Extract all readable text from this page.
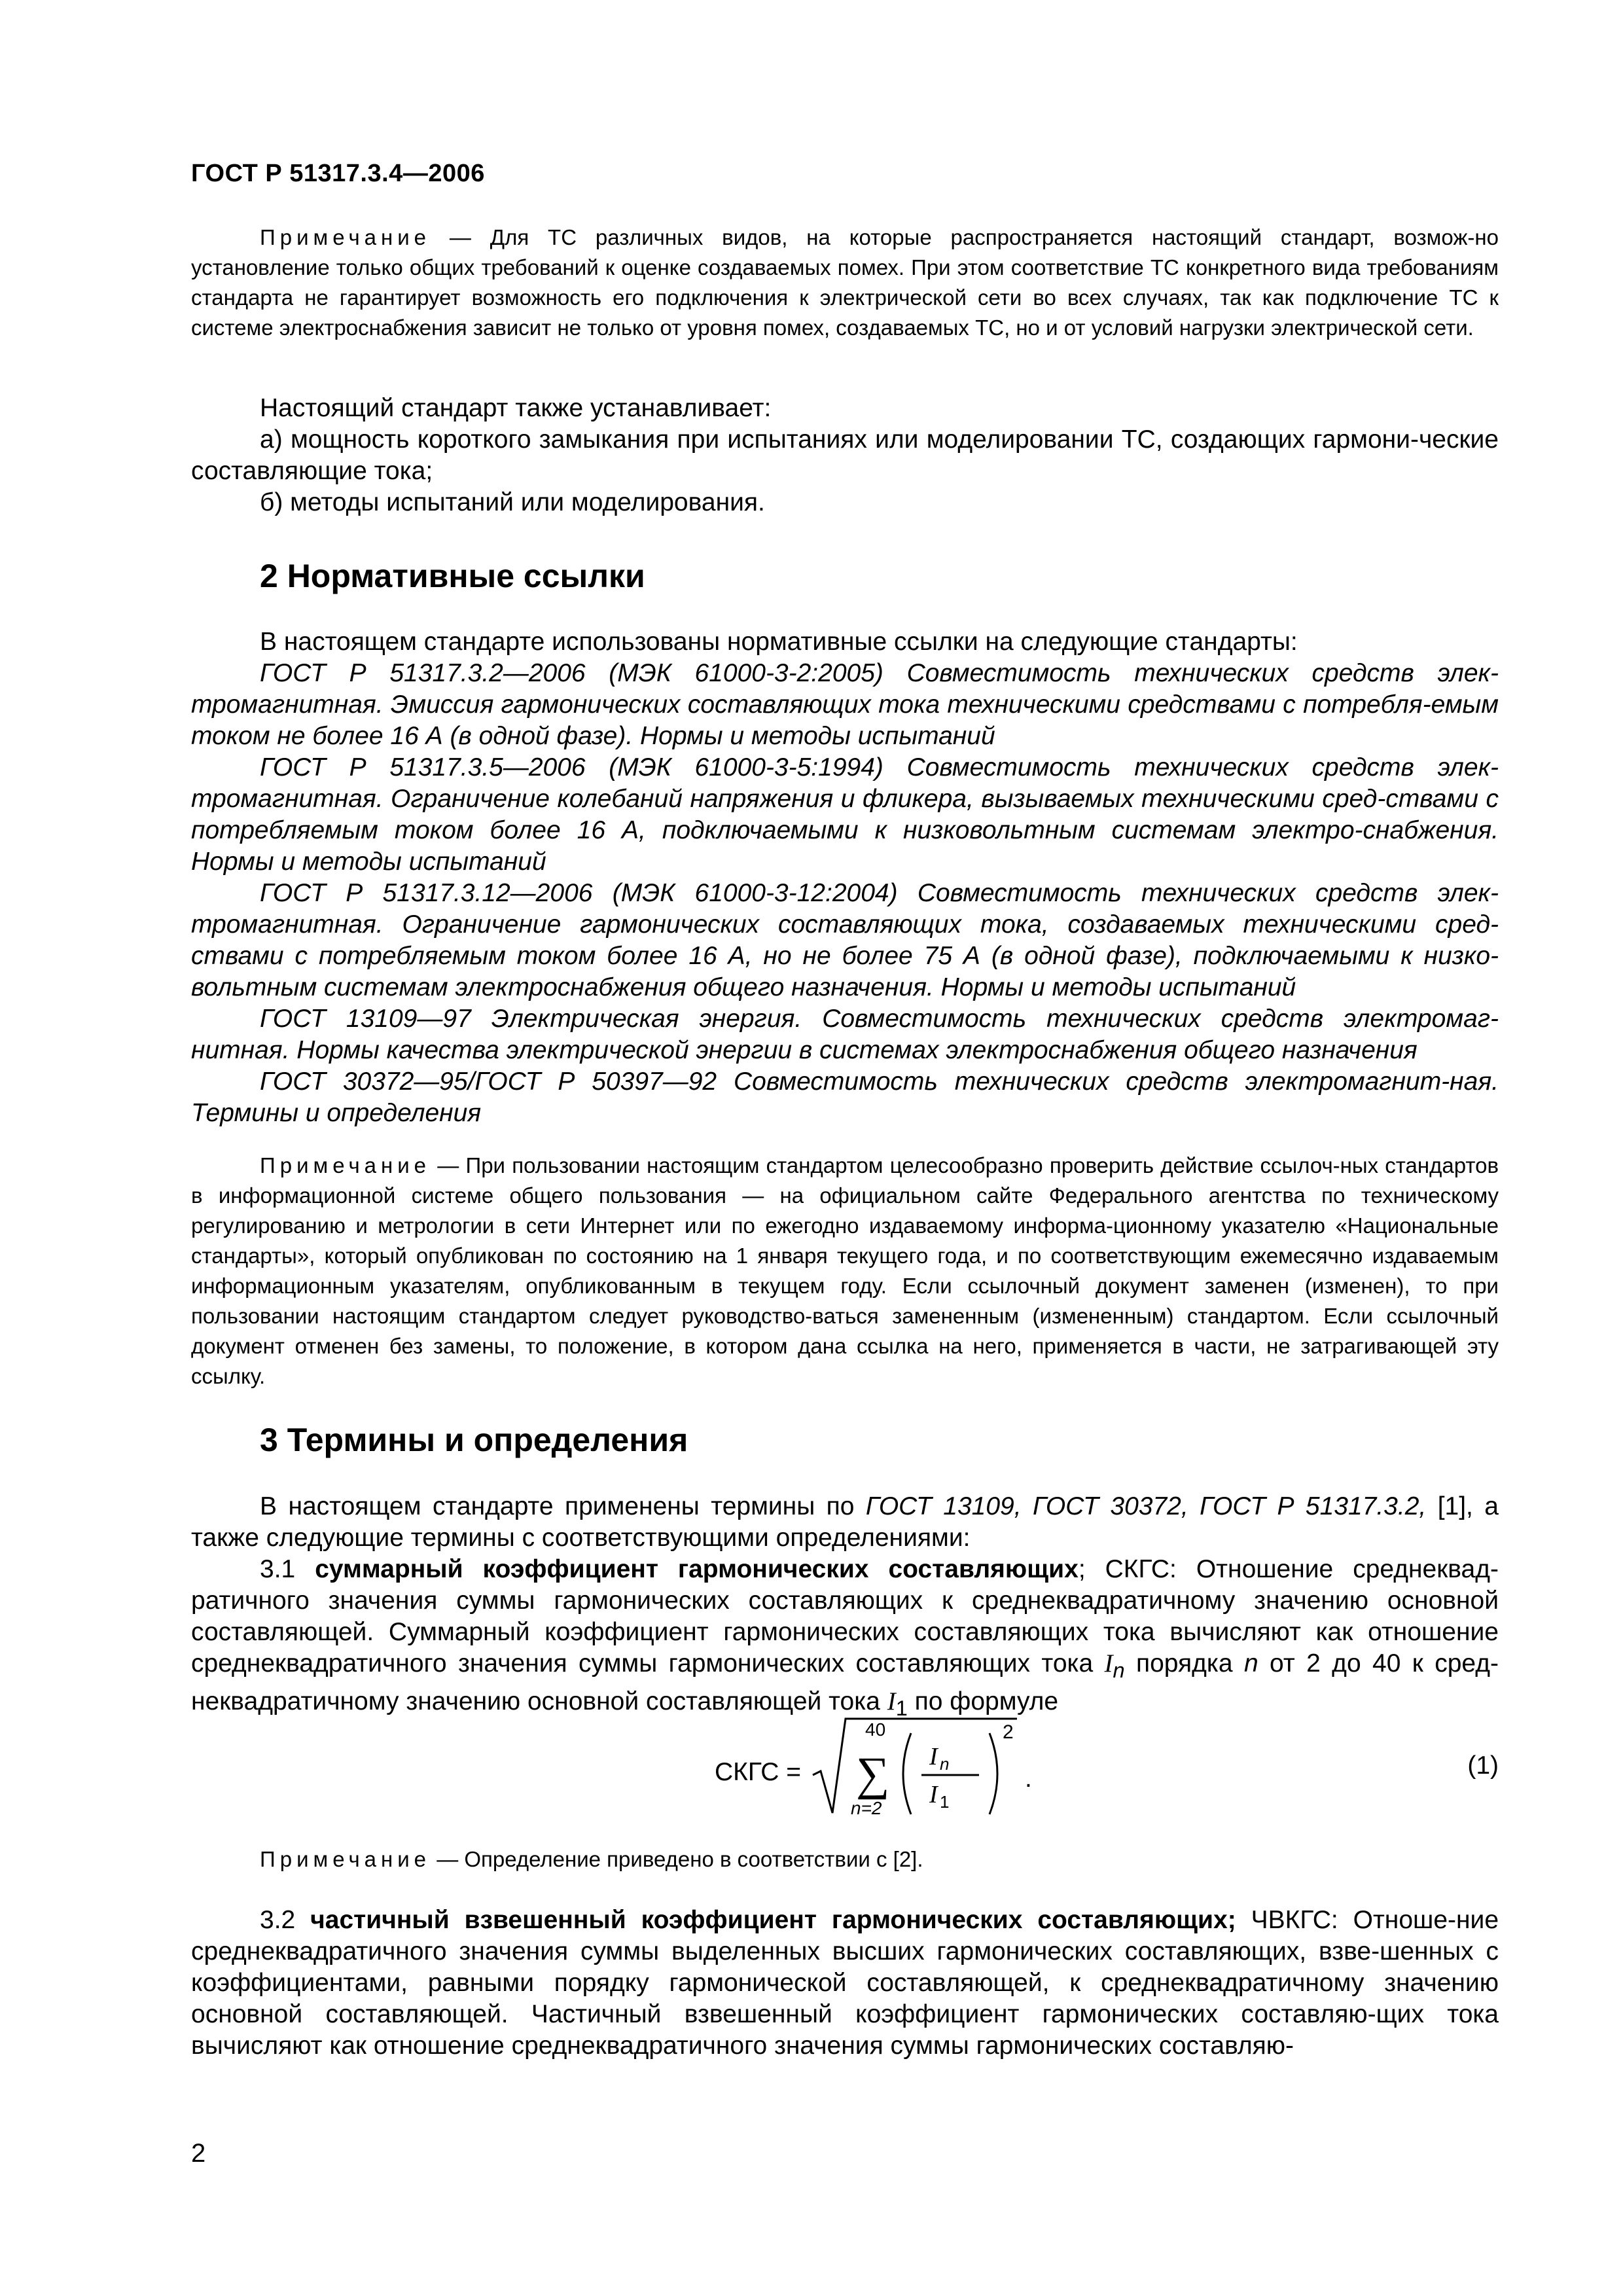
ГОСТ Р 51317.3.4—2006

Примечание — Для ТС различных видов, на которые распространяется настоящий стандарт, возмож-но установление только общих требований к оценке создаваемых помех. При этом соответствие ТС конкретного вида требованиям стандарта не гарантирует возможность его подключения к электрической сети во всех случаях, так как подключение ТС к системе электроснабжения зависит не только от уровня помех, создаваемых ТС, но и от условий нагрузки электрической сети.

Настоящий стандарт также устанавливает:

а) мощность короткого замыкания при испытаниях или моделировании ТС, создающих гармони-ческие составляющие тока;

б) методы испытаний или моделирования.

2 Нормативные ссылки

В настоящем стандарте использованы нормативные ссылки на следующие стандарты:

ГОСТ Р 51317.3.2—2006 (МЭК 61000-3-2:2005) Совместимость технических средств элек-тромагнитная. Эмиссия гармонических составляющих тока техническими средствами с потребля-емым током не более 16 А (в одной фазе). Нормы и методы испытаний

ГОСТ Р 51317.3.5—2006 (МЭК 61000-3-5:1994) Совместимость технических средств элек-тромагнитная. Ограничение колебаний напряжения и фликера, вызываемых техническими сред-ствами с потребляемым током более 16 А, подключаемыми к низковольтным системам электро-снабжения. Нормы и методы испытаний

ГОСТ Р 51317.3.12—2006 (МЭК 61000-3-12:2004) Совместимость технических средств элек-тромагнитная. Ограничение гармонических составляющих тока, создаваемых техническими сред-ствами с потребляемым током более 16 А, но не более 75 А (в одной фазе), подключаемыми к низко-вольтным системам электроснабжения общего назначения. Нормы и методы испытаний

ГОСТ 13109—97 Электрическая энергия. Совместимость технических средств электромаг-нитная. Нормы качества электрической энергии в системах электроснабжения общего назначения

ГОСТ 30372—95/ГОСТ Р 50397—92 Совместимость технических средств электромагнит-ная. Термины и определения

Примечание — При пользовании настоящим стандартом целесообразно проверить действие ссылоч-ных стандартов в информационной системе общего пользования — на официальном сайте Федерального агентства по техническому регулированию и метрологии в сети Интернет или по ежегодно издаваемому информа-ционному указателю «Национальные стандарты», который опубликован по состоянию на 1 января текущего года, и по соответствующим ежемесячно издаваемым информационным указателям, опубликованным в текущем году. Если ссылочный документ заменен (изменен), то при пользовании настоящим стандартом следует руководство-ваться замененным (измененным) стандартом. Если ссылочный документ отменен без замены, то положение, в котором дана ссылка на него, применяется в части, не затрагивающей эту ссылку.

3 Термины и определения

В настоящем стандарте применены термины по ГОСТ 13109, ГОСТ 30372, ГОСТ Р 51317.3.2, [1], а также следующие термины с соответствующими определениями:

3.1 суммарный коэффициент гармонических составляющих; СКГС: Отношение среднеквад-ратичного значения суммы гармонических составляющих к среднеквадратичному значению основной составляющей. Суммарный коэффициент гармонических составляющих тока вычисляют как отношение среднеквадратичного значения суммы гармонических составляющих тока $I_n$ порядка n от 2 до 40 к сред-неквадратичному значению основной составляющей тока $I_1$ по формуле

СКГС =
40
∑
n=2
I n
I 1
2
.	(1)

Примечание — Определение приведено в соответствии с [2].

3.2 частичный взвешенный коэффициент гармонических составляющих; ЧВКГС: Отноше-ние среднеквадратичного значения суммы выделенных высших гармонических составляющих, взве-шенных с коэффициентами, равными порядку гармонической составляющей, к среднеквадратичному значению основной составляющей. Частичный взвешенный коэффициент гармонических составляю-щих тока вычисляют как отношение среднеквадратичного значения суммы гармонических составляю-

2
